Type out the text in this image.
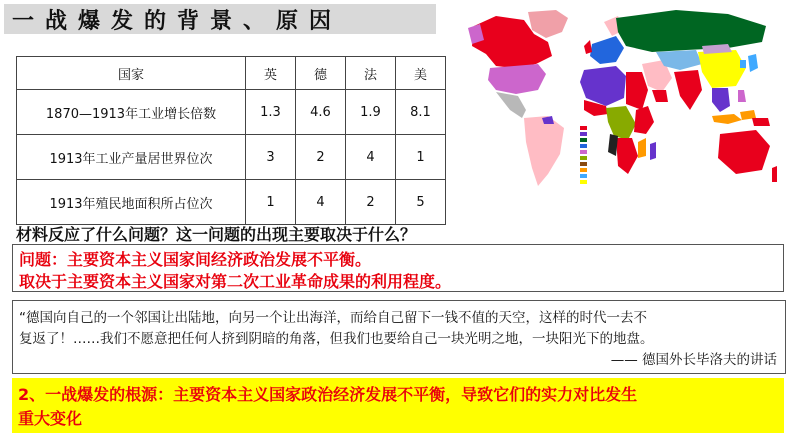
一战爆发的背景、原因
国家	英	德	法	美
1870—1913年工业增长倍数	1.3	4.6	1.9	8.1
1913年工业产量居世界位次	3	2	4	1
1913年殖民地面积所占位次	1	4	2	5
材料反应了什么问题？这一问题的出现主要取决于什么？
问题：主要资本主义国家间经济政治发展不平衡。
取决于主要资本主义国家对第二次工业革命成果的利用程度。
“德国向自己的一个邻国让出陆地，向另一个让出海洋，而给自己留下一钱不值的天空，这样的时代一去不
复返了！……我们不愿意把任何人挤到阴暗的角落，但我们也要给自己一块光明之地，一块阳光下的地盘。
—— 德国外长毕洛夫的讲话
2、一战爆发的根源：主要资本主义国家政治经济发展不平衡，导致它们的实力对比发生
重大变化
